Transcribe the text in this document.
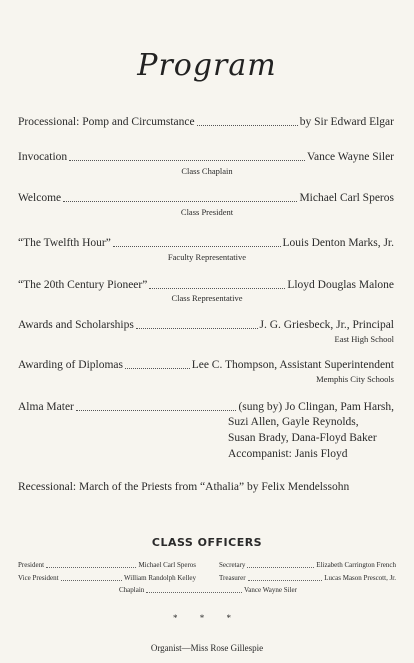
Program
Processional: Pomp and Circumstance	by Sir Edward Elgar
Invocation	Vance Wayne Siler
Class Chaplain
Welcome	Michael Carl Speros
Class President
“The Twelfth Hour”	Louis Denton Marks, Jr.
Faculty Representative
“The 20th Century Pioneer”	Lloyd Douglas Malone
Class Representative
Awards and Scholarships	J. G. Griesbeck, Jr., Principal
East High School
Awarding of Diplomas	Lee C. Thompson, Assistant Superintendent
Memphis City Schools
Alma Mater	(sung by) Jo Clingan, Pam Harsh,
Suzi Allen, Gayle Reynolds,
Susan Brady, Dana-Floyd Baker
Accompanist: Janis Floyd
Recessional: March of the Priests from “Athalia” by Felix Mendelssohn
CLASS OFFICERS
President	Michael Carl Speros	Secretary	Elizabeth Carrington French
Vice President	William Randolph Kelley	Treasurer	Lucas Mason Prescott, Jr.
Chaplain	Vance Wayne Siler
* * *
Organist—Miss Rose Gillespie
